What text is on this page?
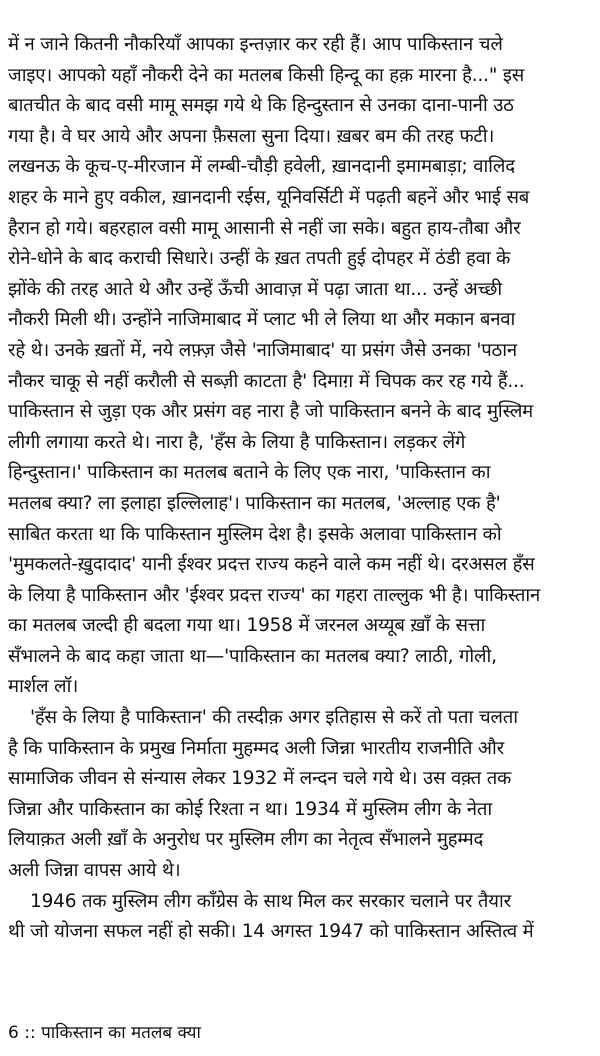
में न जाने कितनी नौकरियाँ आपका इन्तज़ार कर रही हैं। आप पाकिस्तान चले
जाइए। आपको यहाँ नौकरी देने का मतलब किसी हिन्दू का हक़ मारना है..." इस
बातचीत के बाद वसी मामू समझ गये थे कि हिन्दुस्तान से उनका दाना-पानी उठ
गया है। वे घर आये और अपना फ़ैसला सुना दिया। ख़बर बम की तरह फटी।
लखनऊ के कूच-ए-मीरजान में लम्बी-चौड़ी हवेली, ख़ानदानी इमामबाड़ा; वालिद
शहर के माने हुए वकील, ख़ानदानी रईस, यूनिवर्सिटी में पढ़ती बहनें और भाई सब
हैरान हो गये। बहरहाल वसी मामू आसानी से नहीं जा सके। बहुत हाय-तौबा और
रोने-धोने के बाद कराची सिधारे। उन्हीं के ख़त तपती हुई दोपहर में ठंडी हवा के
झोंके की तरह आते थे और उन्हें ऊँची आवाज़ में पढ़ा जाता था... उन्हें अच्छी
नौकरी मिली थी। उन्होंने नाजिमाबाद में प्लाट भी ले लिया था और मकान बनवा
रहे थे। उनके ख़तों में, नये लफ़्ज़ जैसे 'नाजिमाबाद' या प्रसंग जैसे उनका 'पठान
नौकर चाकू से नहीं करौली से सब्ज़ी काटता है' दिमाग़ में चिपक कर रह गये हैं...
पाकिस्तान से जुड़ा एक और प्रसंग वह नारा है जो पाकिस्तान बनने के बाद मुस्लिम
लीगी लगाया करते थे। नारा है, 'हँस के लिया है पाकिस्तान। लड़कर लेंगे
हिन्दुस्तान।' पाकिस्तान का मतलब बताने के लिए एक नारा, 'पाकिस्तान का
मतलब क्या? ला इलाहा इल्लिलाह'। पाकिस्तान का मतलब, 'अल्लाह एक है'
साबित करता था कि पाकिस्तान मुस्लिम देश है। इसके अलावा पाकिस्तान को
'मुमकलते-ख़ुदादाद' यानी ईश्वर प्रदत्त राज्य कहने वाले कम नहीं थे। दरअसल हँस
के लिया है पाकिस्तान और 'ईश्वर प्रदत्त राज्य' का गहरा ताल्लुक भी है। पाकिस्तान
का मतलब जल्दी ही बदला गया था। 1958 में जरनल अय्यूब ख़ाँ के सत्ता
सँभालने के बाद कहा जाता था—'पाकिस्तान का मतलब क्या? लाठी, गोली,
मार्शल लॉ।
'हँस के लिया है पाकिस्तान' की तस्दीक़ अगर इतिहास से करें तो पता चलता
है कि पाकिस्तान के प्रमुख निर्माता मुहम्मद अली जिन्ना भारतीय राजनीति और
सामाजिक जीवन से संन्यास लेकर 1932 में लन्दन चले गये थे। उस वक़्त तक
जिन्ना और पाकिस्तान का कोई रिश्ता न था। 1934 में मुस्लिम लीग के नेता
लियाक़त अली ख़ाँ के अनुरोध पर मुस्लिम लीग का नेतृत्व सँभालने मुहम्मद
अली जिन्ना वापस आये थे।
1946 तक मुस्लिम लीग काँग्रेस के साथ मिल कर सरकार चलाने पर तैयार
थी जो योजना सफल नहीं हो सकी। 14 अगस्त 1947 को पाकिस्तान अस्तित्व में
6 :: पाकिस्तान का मतलब क्या
